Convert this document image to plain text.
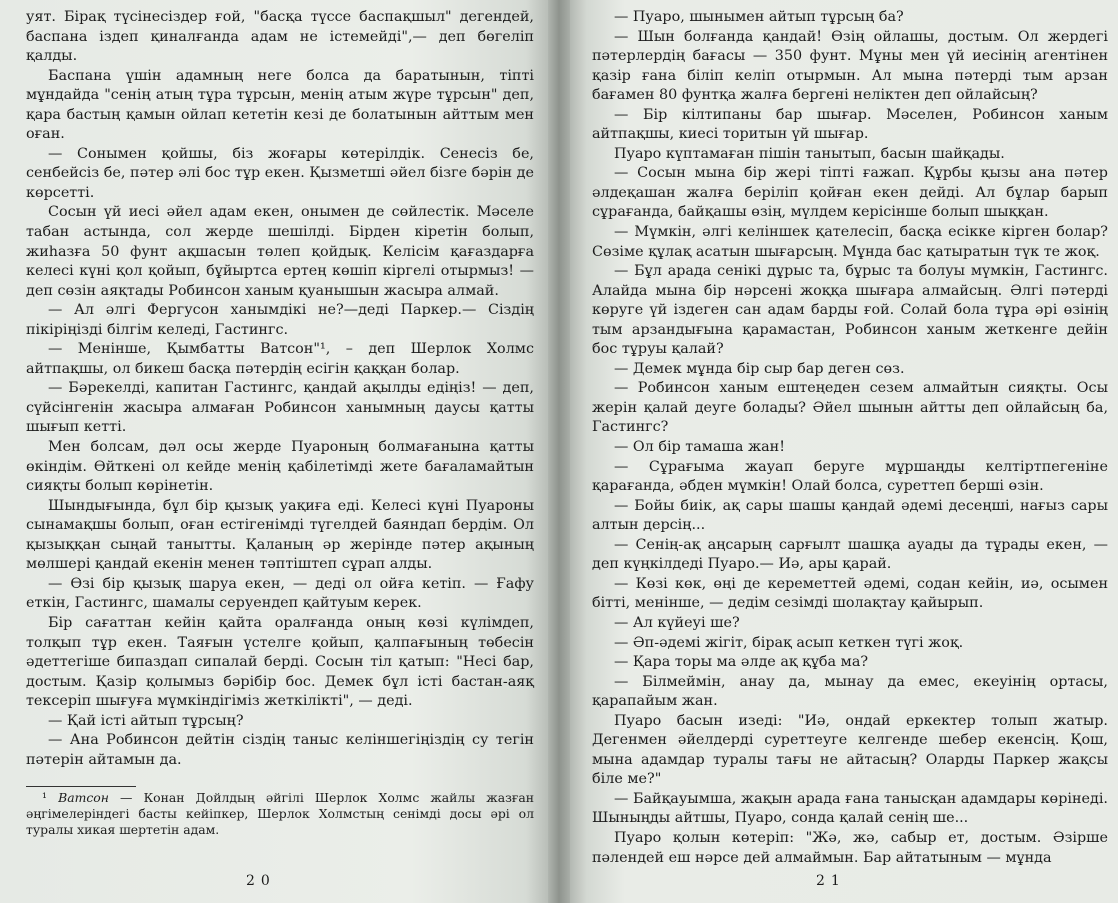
уят. Бірақ түсінесіздер ғой, "басқа түссе баспақшыл" дегендей, баспана іздеп қиналғанда адам не істемейді",— деп бөгеліп қалды.

Баспана үшін адамның неге болса да баратынын, тіпті мұндайда "сенің атың тұра тұрсын, менің атым жүре тұрсын" деп, қара бастың қамын ойлап кететін кезі де болатынын айттым мен оған.

— Сонымен қойшы, біз жоғары көтерілдік. Сенесіз бе, сенбейсіз бе, пәтер әлі бос тұр екен. Қызметші әйел бізге бәрін де көрсетті.

Сосын үй иесі әйел адам екен, онымен де сөйлестік. Мәселе табан астында, сол жерде шешілді. Бірден кіретін болып, жиһазға 50 фунт ақшасын төлеп қойдық. Келісім қағаздарға келесі күні қол қойып, бұйыртса ертең көшіп кіргелі отырмыз! — деп сөзін аяқтады Робинсон ханым қуанышын жасыра алмай.

— Ал әлгі Фергусон ханымдікі не?—деді Паркер.— Сіздің пікіріңізді білгім келеді, Гастингс.

— Менінше, Қымбатты Ватсон"¹, – деп Шерлок Холмс айтпақшы, ол бикеш басқа пәтердің есігін қаққан болар.

— Бәрекелді, капитан Гастингс, қандай ақылды едіңіз! — деп, сүйсінгенін жасыра алмаған Робинсон ханымның даусы қатты шығып кетті.

Мен болсам, дәл осы жерде Пуароның болмағанына қатты өкіндім. Өйткені ол кейде менің қабілетімді жете бағаламайтын сияқты болып көрінетін.

Шындығында, бұл бір қызық уақиға еді. Келесі күні Пуароны сынамақшы болып, оған естігенімді түгелдей баяндап бердім. Ол қызыққан сыңай танытты. Қаланың әр жерінде пәтер ақының мөлшері қандай екенін менен тәптіштеп сұрап алды.

— Өзі бір қызық шаруа екен, — деді ол ойға кетіп. — Ғафу еткін, Гастингс, шамалы серуендеп қайтуым керек.

Бір сағаттан кейін қайта оралғанда оның көзі күлімдеп, толқып тұр екен. Таяғын үстелге қойып, қалпағының төбесін әдеттегіше бипаздап сипалай берді. Сосын тіл қатып: "Несі бар, достым. Қазір қолымыз бәрібір бос. Демек бұл істі бастан-аяқ тексеріп шығуға мүмкіндігіміз жеткілікті", — деді.

— Қай істі айтып тұрсың?

— Ана Робинсон дейтін сіздің таныс келіншегіңіздің су тегін пәтерін айтамын да.

¹ Ватсон — Конан Дойлдың әйгілі Шерлок Холмс жайлы жазған әңгімелеріндегі басты кейіпкер, Шерлок Холмстың сенімді досы әрі ол туралы хикая шертетін адам.

20

— Пуаро, шынымен айтып тұрсың ба?

— Шын болғанда қандай! Өзің ойлашы, достым. Ол жердегі пәтерлердің бағасы — 350 фунт. Мұны мен үй иесінің агентінен қазір ғана біліп келіп отырмын. Ал мына пәтерді тым арзан бағамен 80 фунтқа жалға бергені неліктен деп ойлайсың?

— Бір кілтипаны бар шығар. Мәселен, Робинсон ханым айтпақшы, киесі торитын үй шығар.

Пуаро күптамаған пішін танытып, басын шайқады.

— Сосын мына бір жері тіпті ғажап. Құрбы қызы ана пәтер әлдеқашан жалға беріліп қойған екен дейді. Ал бұлар барып сұрағанда, байқашы өзің, мүлдем керісінше болып шыққан.

— Мүмкін, әлгі келіншек қателесіп, басқа есікке кірген болар? Сөзіме құлақ асатын шығарсың. Мұнда бас қатыратын түк те жоқ.

— Бұл арада сенікі дұрыс та, бұрыс та болуы мүмкін, Гастингс. Алайда мына бір нәрсені жоққа шығара алмайсың. Әлгі пәтерді көруге үй іздеген сан адам барды ғой. Солай бола тұра әрі өзінің тым арзандығына қарамастан, Робинсон ханым жеткенге дейін бос тұруы қалай?

— Демек мұнда бір сыр бар деген сөз.

— Робинсон ханым ештеңеден сезем алмайтын сияқты. Осы жерін қалай деуге болады? Әйел шынын айтты деп ойлайсың ба, Гастингс?

— Ол бір тамаша жан!

— Сұрағыма жауап беруге мұршаңды келтіртпегеніне қарағанда, әбден мүмкін! Олай болса, суреттеп берші өзін.

— Бойы биік, ақ сары шашы қандай әдемі десеңші, нағыз сары алтын дерсің...

— Сенің-ақ аңсарың сарғылт шашқа ауады да тұрады екен, — деп күңкілдеді Пуаро.— Иә, ары қарай.

— Көзі көк, өңі де кереметтей әдемі, содан кейін, иә, осымен бітті, менінше, — дедім сезімді шолақтау қайырып.

— Ал күйеуі ше?

— Әп-әдемі жігіт, бірақ асып кеткен түгі жоқ.

— Қара торы ма әлде ақ құба ма?

— Білмеймін, анау да, мынау да емес, екеуінің ортасы, қарапайым жан.

Пуаро басын изеді: "Иә, ондай еркектер толып жатыр. Дегенмен әйелдерді суреттеуге келгенде шебер екенсің. Қош, мына адамдар туралы тағы не айтасың? Оларды Паркер жақсы біле ме?"

— Байқауымша, жақын арада ғана танысқан адамдары көрінеді. Шыныңды айтшы, Пуаро, сонда қалай сенің ше...

Пуаро қолын көтеріп: "Жә, жә, сабыр ет, достым. Әзірше пәлендей еш нәрсе дей алмаймын. Бар айтатыным — мұнда

21
